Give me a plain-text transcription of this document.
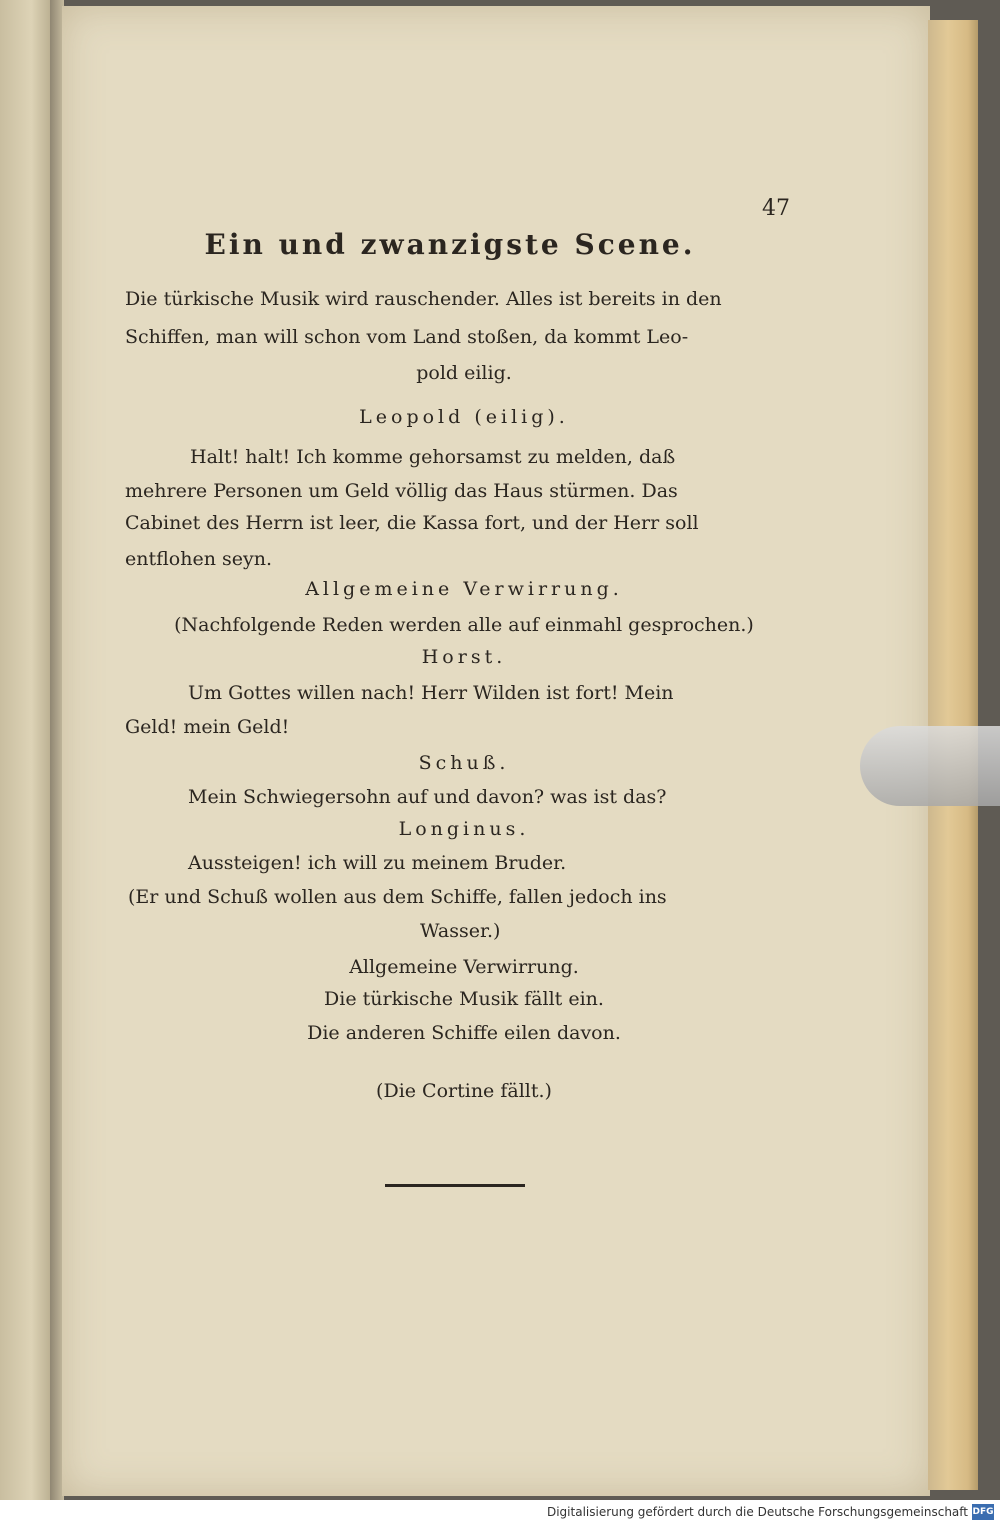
47
Ein und zwanzigste Scene.
Die türkische Musik wird rauschender. Alles ist bereits in den
Schiffen, man will schon vom Land stoßen, da kommt Leo-
pold eilig.
Leopold (eilig).
Halt! halt! Ich komme gehorsamst zu melden, daß
mehrere Personen um Geld völlig das Haus stürmen. Das
Cabinet des Herrn ist leer, die Kassa fort, und der Herr soll
entflohen seyn.
Allgemeine Verwirrung.
(Nachfolgende Reden werden alle auf einmahl gesprochen.)
Horst.
Um Gottes willen nach! Herr Wilden ist fort! Mein
Geld! mein Geld!
Schuß.
Mein Schwiegersohn auf und davon? was ist das?
Longinus.
Aussteigen! ich will zu meinem Bruder.
(Er und Schuß wollen aus dem Schiffe, fallen jedoch ins
Wasser.)
Allgemeine Verwirrung.
Die türkische Musik fällt ein.
Die anderen Schiffe eilen davon.
(Die Cortine fällt.)
Digitalisierung gefördert durch die Deutsche Forschungsgemeinschaft DFG
